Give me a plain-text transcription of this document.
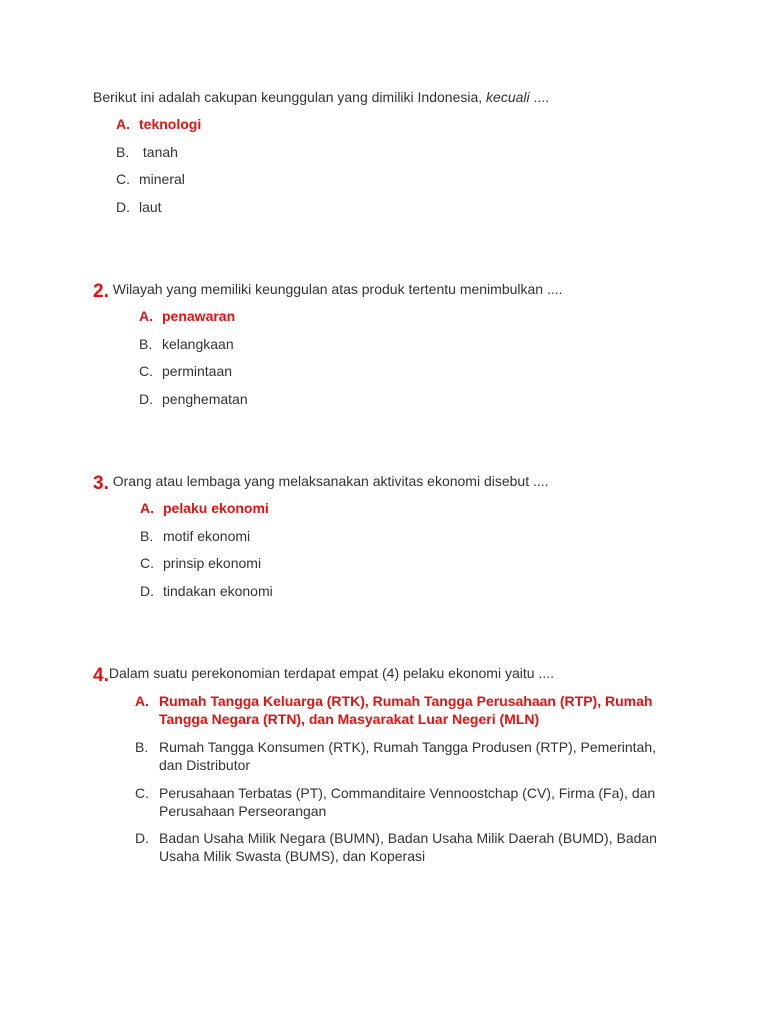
Berikut ini adalah cakupan keunggulan yang dimiliki Indonesia, kecuali ....
A. teknologi
B. tanah
C. mineral
D. laut
2. Wilayah yang memiliki keunggulan atas produk tertentu menimbulkan ....
A. penawaran
B. kelangkaan
C. permintaan
D. penghematan
3. Orang atau lembaga yang melaksanakan aktivitas ekonomi disebut ....
A. pelaku ekonomi
B. motif ekonomi
C. prinsip ekonomi
D. tindakan ekonomi
4.Dalam suatu perekonomian terdapat empat (4) pelaku ekonomi yaitu ....
A. Rumah Tangga Keluarga (RTK), Rumah Tangga Perusahaan (RTP), Rumah Tangga Negara (RTN), dan Masyarakat Luar Negeri (MLN)
B. Rumah Tangga Konsumen (RTK), Rumah Tangga Produsen (RTP), Pemerintah, dan Distributor
C. Perusahaan Terbatas (PT), Commanditaire Vennoostchap (CV), Firma (Fa), dan Perusahaan Perseorangan
D. Badan Usaha Milik Negara (BUMN), Badan Usaha Milik Daerah (BUMD), Badan Usaha Milik Swasta (BUMS), dan Koperasi
